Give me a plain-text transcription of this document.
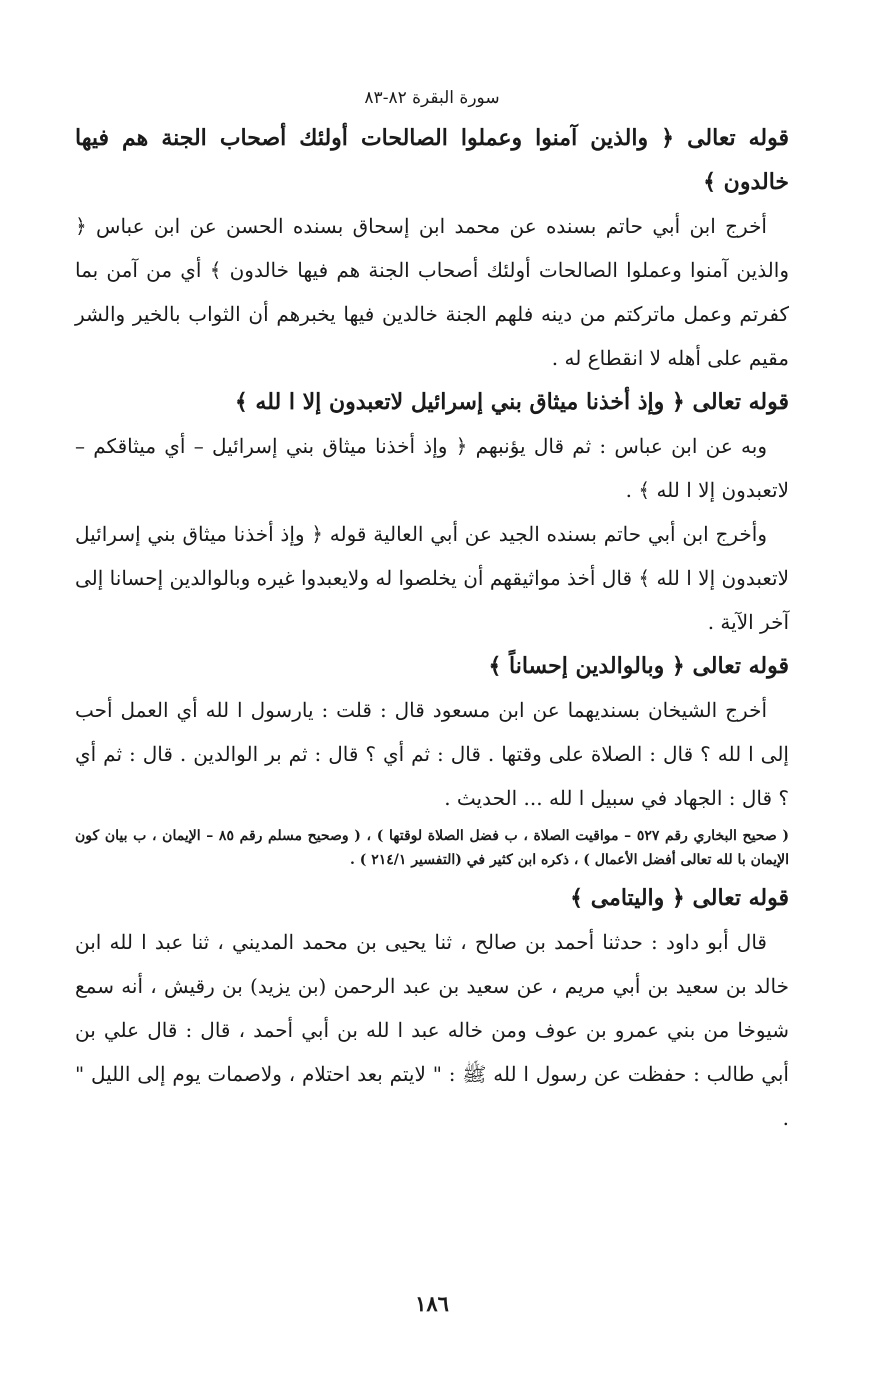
سورة البقرة ٨٢-٨٣

قوله تعالى ﴿ والذين آمنوا وعملوا الصالحات أولئك أصحاب الجنة هم فيها خالدون ﴾

أخرج ابن أبي حاتم بسنده عن محمد ابن إسحاق بسنده الحسن عن ابن عباس ﴿ والذين آمنوا وعملوا الصالحات أولئك أصحاب الجنة هم فيها خالدون ﴾ أي من آمن بما كفرتم وعمل ماتركتم من دينه فلهم الجنة خالدين فيها يخبرهم أن الثواب بالخير والشر مقيم على أهله لا انقطاع له .

قوله تعالى ﴿ وإذ أخذنا ميثاق بني إسرائيل لاتعبدون إلا ا لله ﴾

وبه عن ابن عباس : ثم قال يؤنبهم ﴿ وإذ أخذنا ميثاق بني إسرائيل – أي ميثاقكم – لاتعبدون إلا ا لله ﴾ .

وأخرج ابن أبي حاتم بسنده الجيد عن أبي العالية قوله ﴿ وإذ أخذنا ميثاق بني إسرائيل لاتعبدون إلا ا لله ﴾ قال أخذ مواثيقهم أن يخلصوا له ولايعبدوا غيره وبالوالدين إحسانا إلى آخر الآية .

قوله تعالى ﴿ وبالوالدين إحساناً ﴾

أخرج الشيخان بسنديهما عن ابن مسعود قال : قلت : يارسول ا لله أي العمل أحب إلى ا لله ؟ قال : الصلاة على وقتها . قال : ثم أي ؟ قال : ثم بر الوالدين . قال : ثم أي ؟ قال : الجهاد في سبيل ا لله ... الحديث .

( صحيح البخاري رقم ٥٢٧ – مواقيت الصلاة ، ب فضل الصلاة لوقتها ) ، ( وصحيح مسلم رقم ٨٥ – الإيمان ، ب بيان كون الإيمان با لله تعالى أفضل الأعمال ) ، ذكره ابن كثير في (التفسير ٢١٤/١ ) .

قوله تعالى ﴿ واليتامى ﴾

قال أبو داود : حدثنا أحمد بن صالح ، ثنا يحيى بن محمد المديني ، ثنا عبد ا لله ابن خالد بن سعيد بن أبي مريم ، عن سعيد بن عبد الرحمن (بن يزيد) بن رقيش ، أنه سمع شيوخا من بني عمرو بن عوف ومن خاله عبد ا لله بن أبي أحمد ، قال : قال علي بن أبي طالب : حفظت عن رسول ا لله ﷺ : " لايتم بعد احتلام ، ولاصمات يوم إلى الليل " .

١٨٦
